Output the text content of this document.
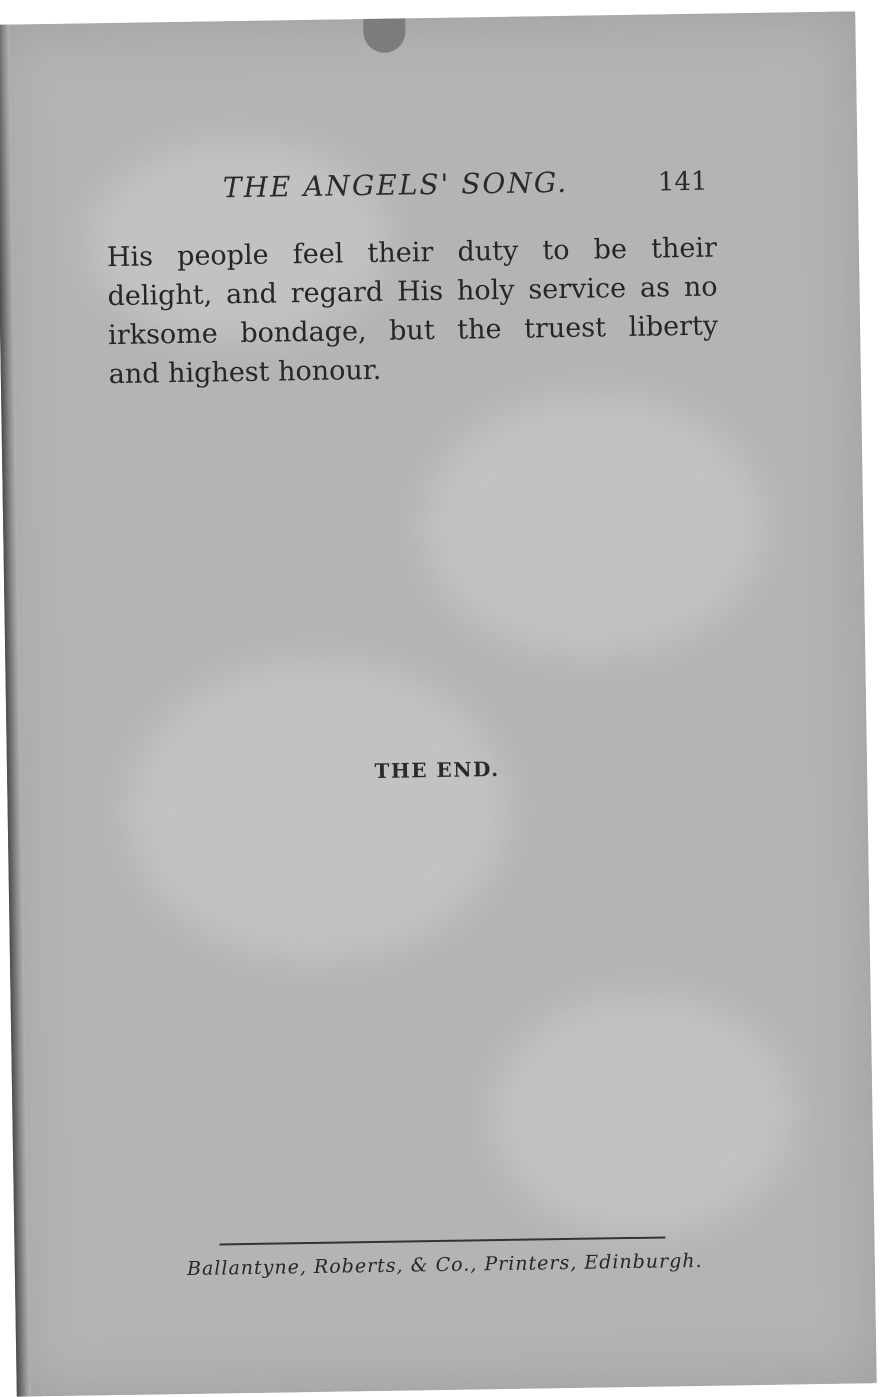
THE ANGELS' SONG.	141
His people feel their duty to be their
delight, and regard His holy service as no
irksome bondage, but the truest liberty
and highest honour.
THE END.
Ballantyne, Roberts, & Co., Printers, Edinburgh.
